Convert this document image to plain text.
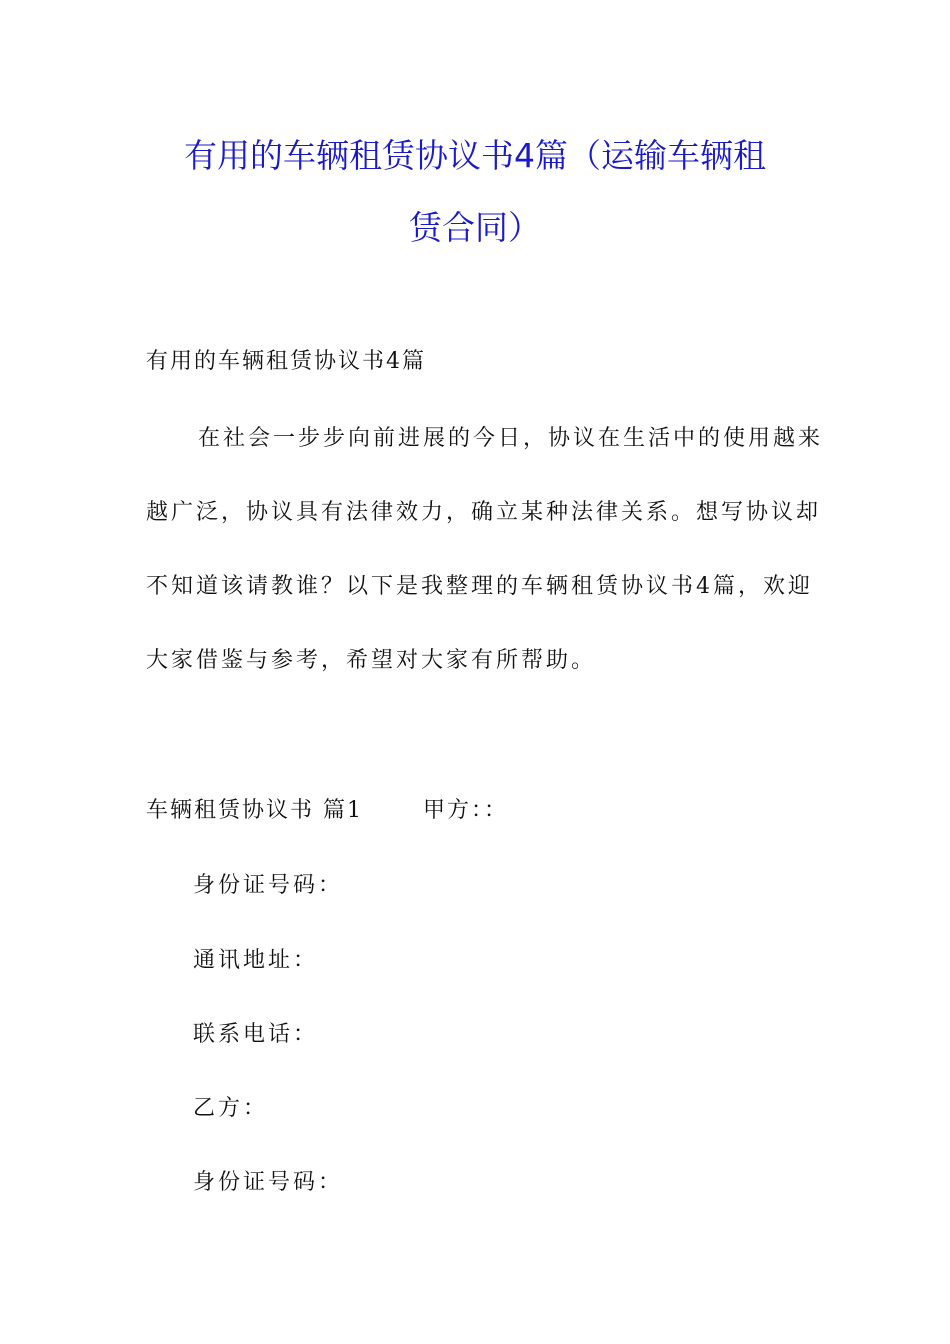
有用的车辆租赁协议书4篇（运输车辆租
赁合同）

有用的车辆租赁协议书4篇

在社会一步步向前进展的今日，协议在生活中的使用越来

越广泛，协议具有法律效力，确立某种法律关系。想写协议却

不知道该请教谁？以下是我整理的车辆租赁协议书4篇，欢迎

大家借鉴与参考，希望对大家有所帮助。

车辆租赁协议书 篇1	甲方：：

身份证号码：

通讯地址：

联系电话：

乙方：

身份证号码：
